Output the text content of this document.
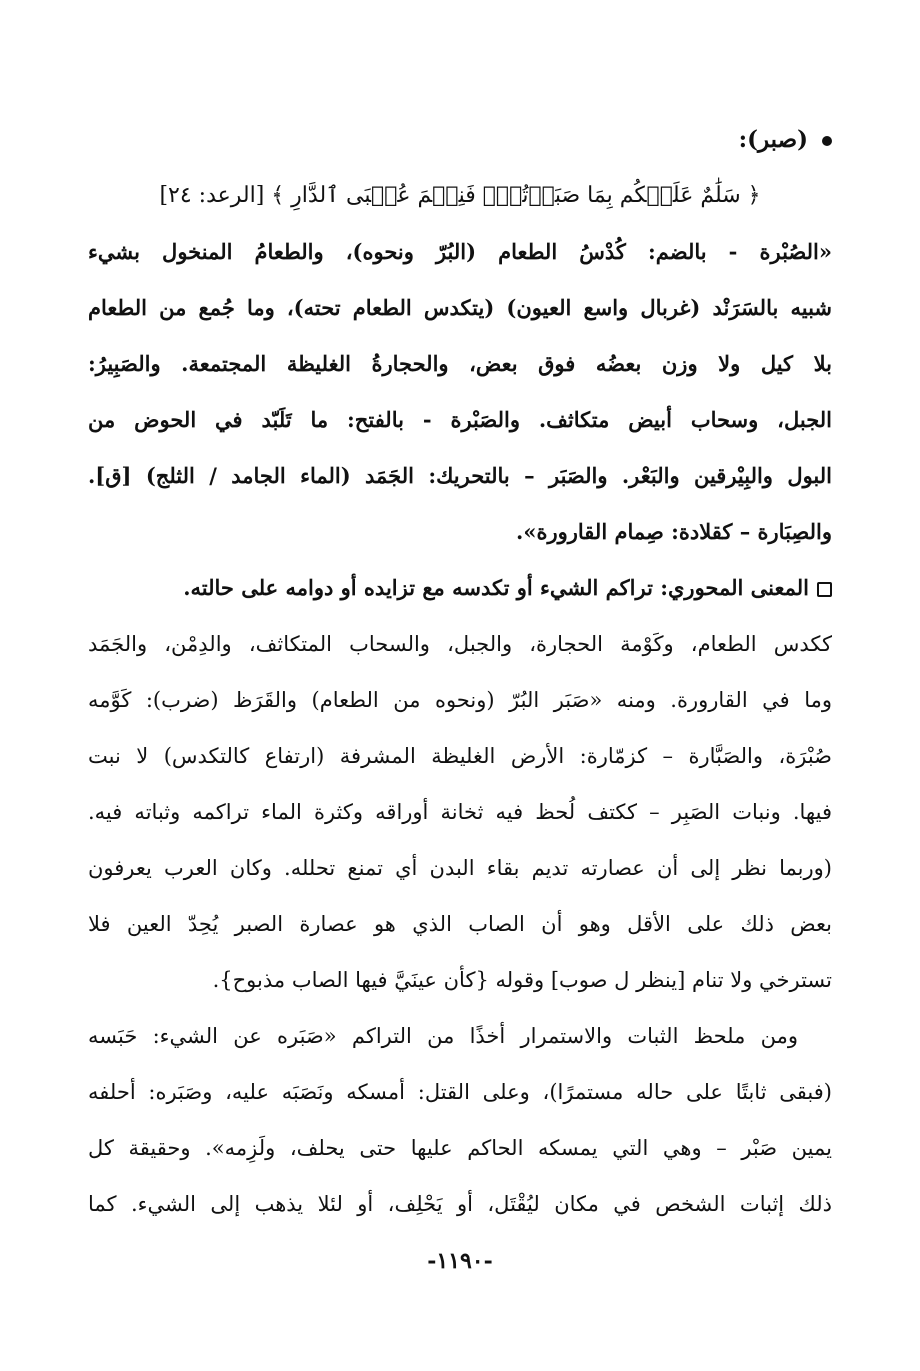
(صبر):

﴿ سَلَٰمٌ عَلَيۡكُم بِمَا صَبَرۡتُمۡۚ فَنِعۡمَ عُقۡبَى ٱلدَّارِ ﴾ [الرعد: ٢٤]

«الصُبْرة - بالضم: كُدْسُ الطعام (البُرّ ونحوه)، والطعامُ المنخول بشيء

شبيه بالسَرَنْد (غربال واسع العيون) (يتكدس الطعام تحته)، وما جُمع من الطعام

بلا كيل ولا وزن بعضُه فوق بعض، والحجارةُ الغليظة المجتمعة. والصَبِيرُ:

الجبل، وسحاب أبيض متكاثف. والصَبْرة - بالفتح: ما تَلَبّد في الحوض من

البول والبِيْرقين والبَعْر. والصَبَر – بالتحريك: الجَمَد (الماء الجامد / الثلج) [ق].

والصِبَارة – كقلادة: صِمام القارورة».

المعنى المحوري: تراكم الشيء أو تكدسه مع تزايده أو دوامه على حالته.

ككدس الطعام، وكَوْمة الحجارة، والجبل، والسحاب المتكاثف، والدِمْن، والجَمَد

وما في القارورة. ومنه «صَبَر البُرّ (ونحوه من الطعام) والقَرَظ (ضرب): كَوَّمه

صُبْرَة، والصَبَّارة – كزمّارة: الأرض الغليظة المشرفة (ارتفاع كالتكدس) لا نبت

فيها. ونبات الصَبِر – ككتف لُحظ فيه ثخانة أوراقه وكثرة الماء تراكمه وثباته فيه.

(وربما نظر إلى أن عصارته تديم بقاء البدن أي تمنع تحلله. وكان العرب يعرفون

بعض ذلك على الأقل وهو أن الصاب الذي هو عصارة الصبر يُحِدّ العين فلا

تسترخي ولا تنام [ينظر ل صوب] وقوله {كأن عينَيَّ فيها الصاب مذبوح}.

ومن ملحظ الثبات والاستمرار أخذًا من التراكم «صَبَره عن الشيء: حَبَسه

(فبقى ثابتًا على حاله مستمرًا)، وعلى القتل: أمسكه ونَصَبَه عليه، وصَبَره: أحلفه

يمين صَبْر – وهي التي يمسكه الحاكم عليها حتى يحلف، ولَزِمه». وحقيقة كل

ذلك إثبات الشخص في مكان ليُقْتَل، أو يَحْلِف، أو لئلا يذهب إلى الشيء. كما

-١١٩٠-
